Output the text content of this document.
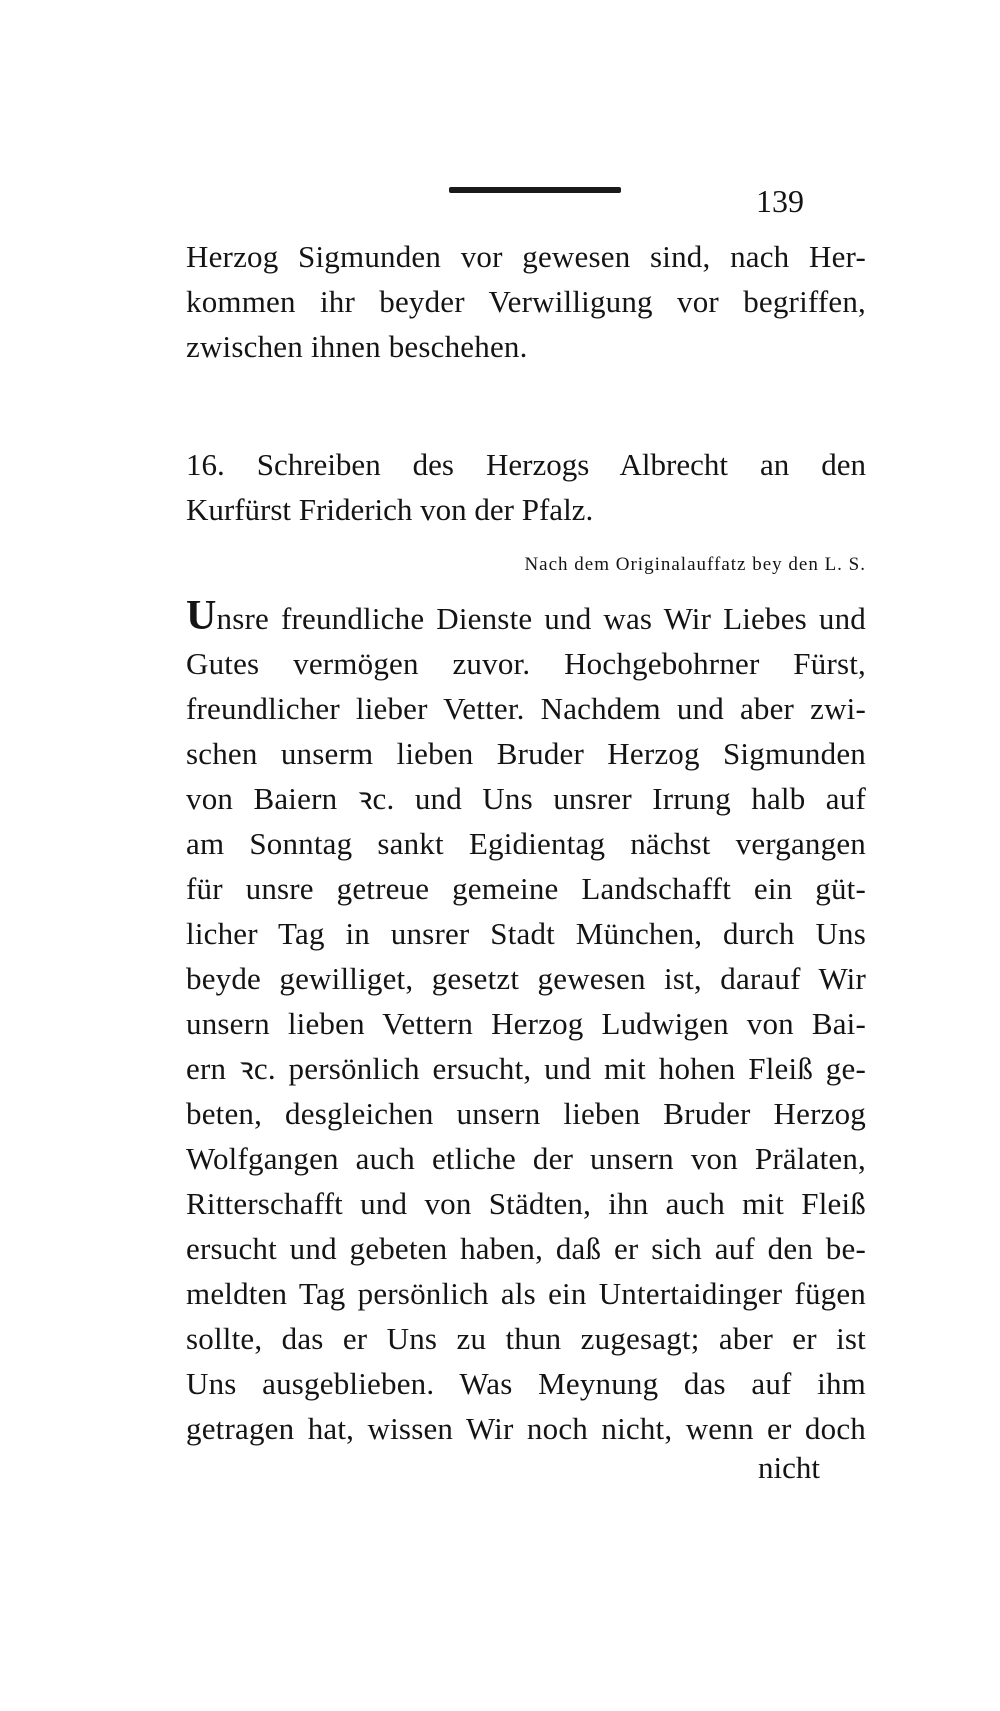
139
Herzog Sigmunden vor gewesen sind, nach Her-
kommen ihr beyder Verwilligung vor begriffen,
zwischen ihnen beschehen.
16. Schreiben des Herzogs Albrecht an den
Kurfürst Friderich von der Pfalz.
Nach dem Originalauffatz bey den L. S.
Unsre freundliche Dienste und was Wir Liebes und
Gutes vermögen zuvor. Hochgebohrner Fürst,
freundlicher lieber Vetter. Nachdem und aber zwi-
schen unserm lieben Bruder Herzog Sigmunden
von Baiern ꝛc. und Uns unsrer Irrung halb auf
am Sonntag sankt Egidientag nächst vergangen
für unsre getreue gemeine Landschafft ein güt-
licher Tag in unsrer Stadt München, durch Uns
beyde gewilliget, gesetzt gewesen ist, darauf Wir
unsern lieben Vettern Herzog Ludwigen von Bai-
ern ꝛc. persönlich ersucht, und mit hohen Fleiß ge-
beten, desgleichen unsern lieben Bruder Herzog
Wolfgangen auch etliche der unsern von Prälaten,
Ritterschafft und von Städten, ihn auch mit Fleiß
ersucht und gebeten haben, daß er sich auf den be-
meldten Tag persönlich als ein Untertaidinger fügen
sollte, das er Uns zu thun zugesagt; aber er ist
Uns ausgeblieben. Was Meynung das auf ihm
getragen hat, wissen Wir noch nicht, wenn er doch
nicht
